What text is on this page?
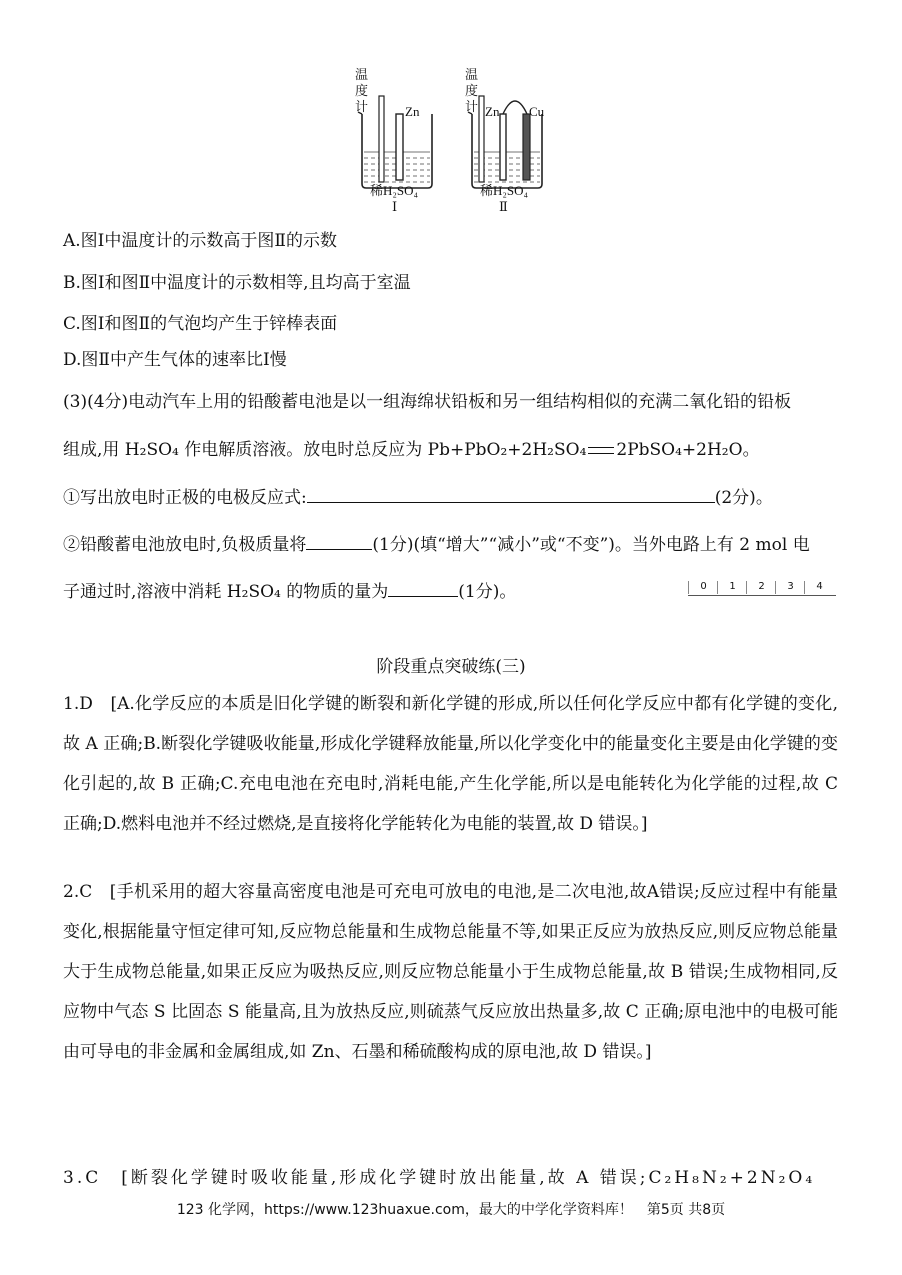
温
度
计	Zn
稀H₂SO₄
Ⅰ
温
度
计 Zn Cu
稀H₂SO₄
Ⅱ
A.图Ⅰ中温度计的示数高于图Ⅱ的示数
B.图Ⅰ和图Ⅱ中温度计的示数相等,且均高于室温
C.图Ⅰ和图Ⅱ的气泡均产生于锌棒表面
D.图Ⅱ中产生气体的速率比Ⅰ慢
(3)(4分)电动汽车上用的铅酸蓄电池是以一组海绵状铅板和另一组结构相似的充满二氧化铅的铅板
组成,用 H₂SO₄ 作电解质溶液。放电时总反应为 Pb+PbO₂+2H₂SO₄ 2PbSO₄+2H₂O。
①写出放电时正极的电极反应式:	(2分)。
②铅酸蓄电池放电时,负极质量将	(1分)(填“增大”“减小”或“不变”)。当外电路上有 2 mol 电
子通过时,溶液中消耗 H₂SO₄ 的物质的量为	(1分)。	0	1	2	3	4
阶段重点突破练(三)
1.D　[A.化学反应的本质是旧化学键的断裂和新化学键的形成,所以任何化学反应中都有化学键的变化,故 A 正确;B.断裂化学键吸收能量,形成化学键释放能量,所以化学变化中的能量变化主要是由化学键的变化引起的,故 B 正确;C.充电电池在充电时,消耗电能,产生化学能,所以是电能转化为化学能的过程,故 C 正确;D.燃料电池并不经过燃烧,是直接将化学能转化为电能的装置,故 D 错误。]
2.C　[手机采用的超大容量高密度电池是可充电可放电的电池,是二次电池,故A错误;反应过程中有能量变化,根据能量守恒定律可知,反应物总能量和生成物总能量不等,如果正反应为放热反应,则反应物总能量大于生成物总能量,如果正反应为吸热反应,则反应物总能量小于生成物总能量,故 B 错误;生成物相同,反应物中气态 S 比固态 S 能量高,且为放热反应,则硫蒸气反应放出热量多,故 C 正确;原电池中的电极可能由可导电的非金属和金属组成,如 Zn、石墨和稀硫酸构成的原电池,故 D 错误。]
3.C　[断裂化学键时吸收能量,形成化学键时放出能量,故 A 错误;C₂H₈N₂+2N₂O₄
123 化学网，https://www.123huaxue.com，最大的中学化学资料库！　第5页 共8页
